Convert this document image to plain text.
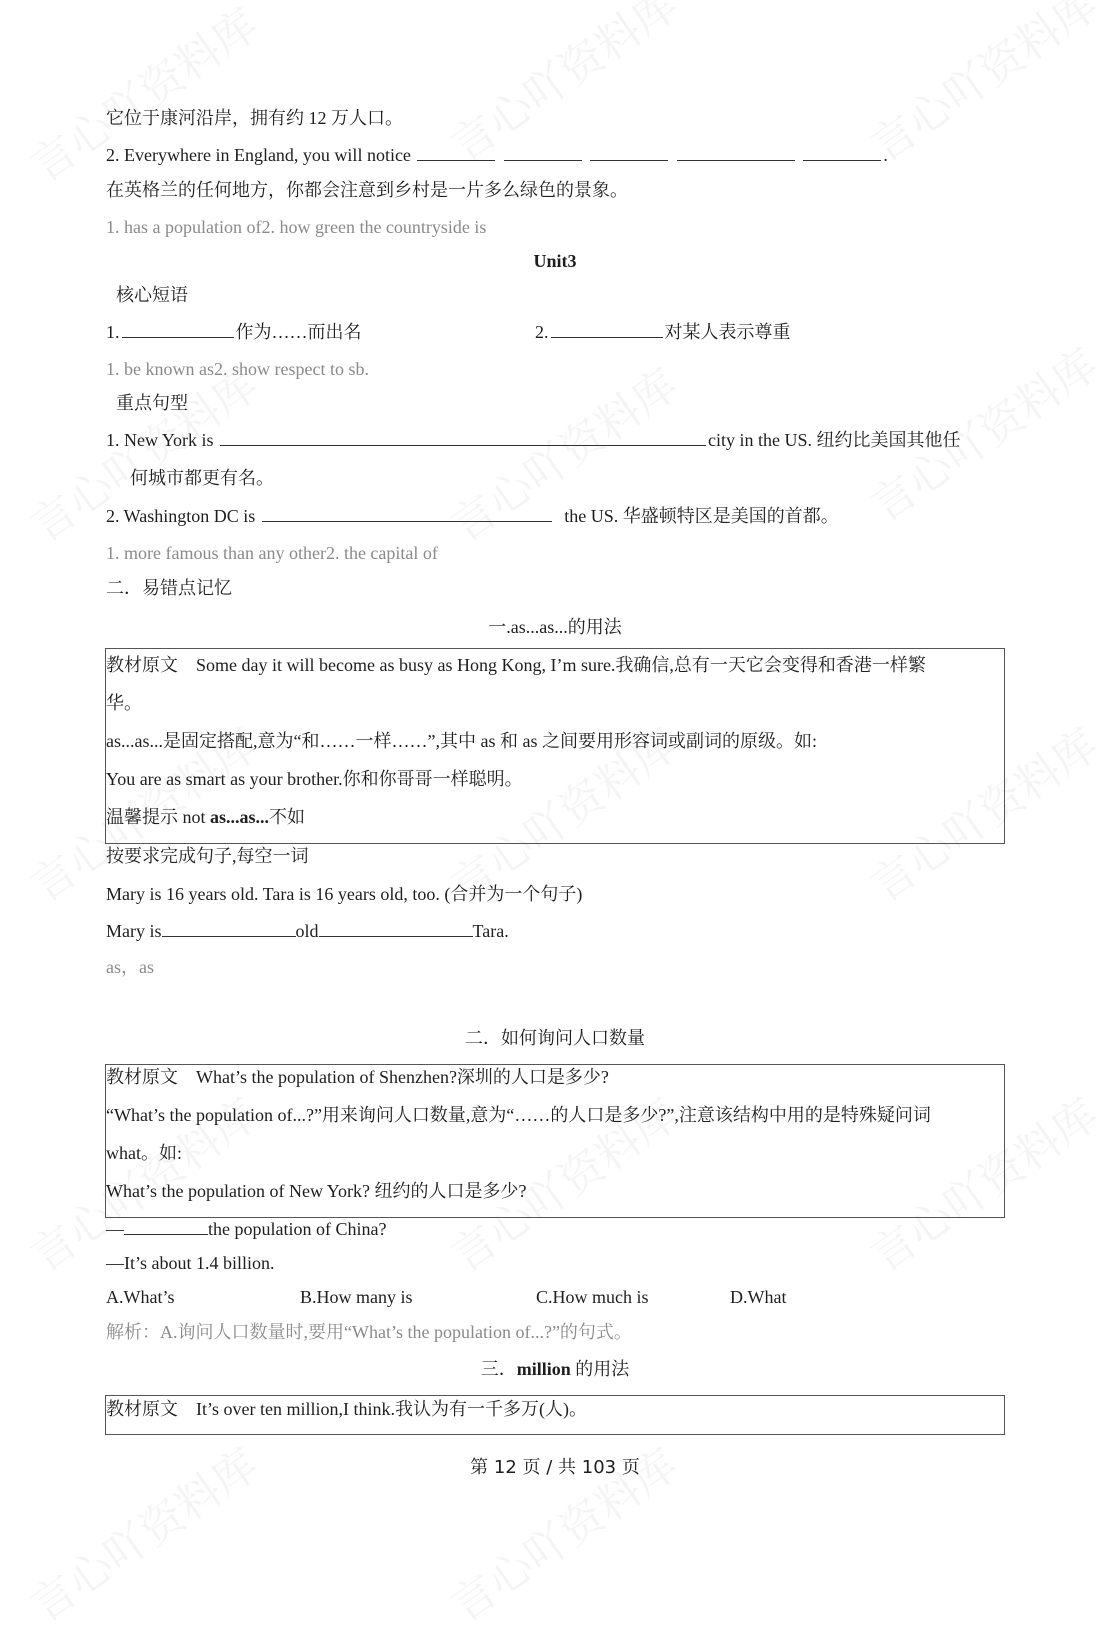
它位于康河沿岸，拥有约 12 万人口。
2. Everywhere in England, you will notice	.
在英格兰的任何地方，你都会注意到乡村是一片多么绿色的景象。
1. has a population of2. how green the countryside is
Unit3
核心短语
1.	作为……而出名	2.	对某人表示尊重
1. be known as2. show respect to sb.
重点句型
1. New York is	city in the US. 纽约比美国其他任
何城市都更有名。
2. Washington DC is	the US. 华盛顿特区是美国的首都。
1. more famous than any other2. the capital of
二．易错点记忆
一.as...as...的用法
教材原文　Some day it will become as busy as Hong Kong, I’m sure.我确信,总有一天它会变得和香港一样繁
华。
as...as...是固定搭配,意为“和……一样……”,其中 as 和 as 之间要用形容词或副词的原级。如:
You are as smart as your brother.你和你哥哥一样聪明。
温馨提示 not as...as...不如
按要求完成句子,每空一词
Mary is 16 years old. Tara is 16 years old, too. (合并为一个句子)
Mary is	old	Tara.
as，as
二．如何询问人口数量
教材原文　What’s the population of Shenzhen?深圳的人口是多少?
“What’s the population of...?”用来询问人口数量,意为“……的人口是多少?”,注意该结构中用的是特殊疑问词
what。如:
What’s the population of New York? 纽约的人口是多少?
—	the population of China?
—It’s about 1.4 billion.
A.What’s	B.How many is	C.How much is	D.What
解析：A.询问人口数量时,要用“What’s the population of...?”的句式。
三．million 的用法
教材原文　It’s over ten million,I think.我认为有一千多万(人)。
第 12 页 / 共 103 页
